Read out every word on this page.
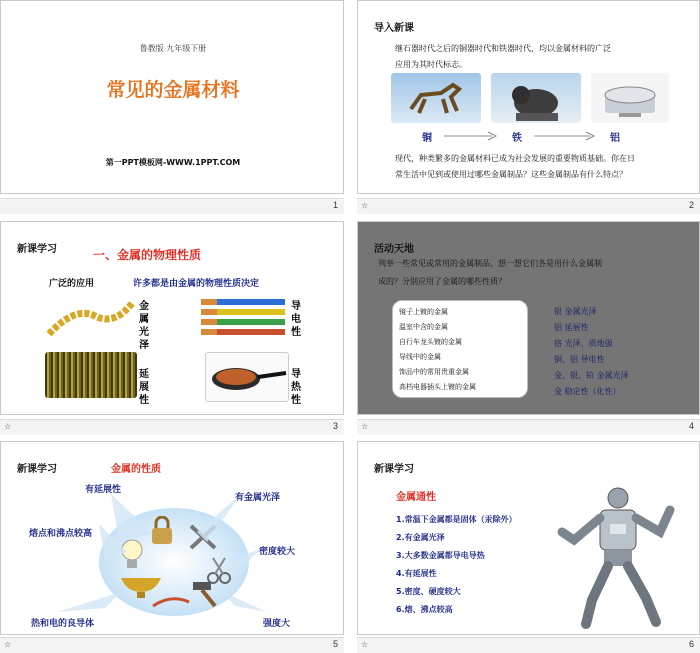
鲁教版 九年级下册
常见的金属材料
第一PPT模板网-WWW.1PPT.COM
1
导入新课
继石器时代之后的铜器时代和铁器时代，均以金属材料的广泛
应用为其时代标志。
铜	铁	铝
现代，种类繁多的金属材料已成为社会发展的重要物质基础。你在日
常生活中见到或使用过哪些金属制品？这些金属制品有什么特点？
☆	2
新课学习	一、金属的物理性质
广泛的应用	许多都是由金属的物理性质决定
金属光泽
延展性
导电性
导热性
☆	3
活动天地
列举一些常见或常用的金属制品，想一想它们各是用什么金属制
成的？分别应用了金属的哪些性质？
镜子上镀的金属
温室中含的金属
自行车龙头镀的金属
导线中的金属
饰品中的常用贵重金属
高档电器插头上镀的金属
银 金属光泽
铝 延展性
铬 光泽、质地强
铜、铝 导电性
金、银、铂 金属光泽
金 稳定性（化性）
☆	4
新课学习	金属的性质
有延展性
有金属光泽
熔点和沸点较高
密度较大
热和电的良导体	强度大
☆	5
新课学习
金属通性
1.常温下金属都是固体（汞除外）
2.有金属光泽
3.大多数金属都导电导热
4.有延展性
5.密度、硬度较大
6.熔、沸点较高
☆	6
